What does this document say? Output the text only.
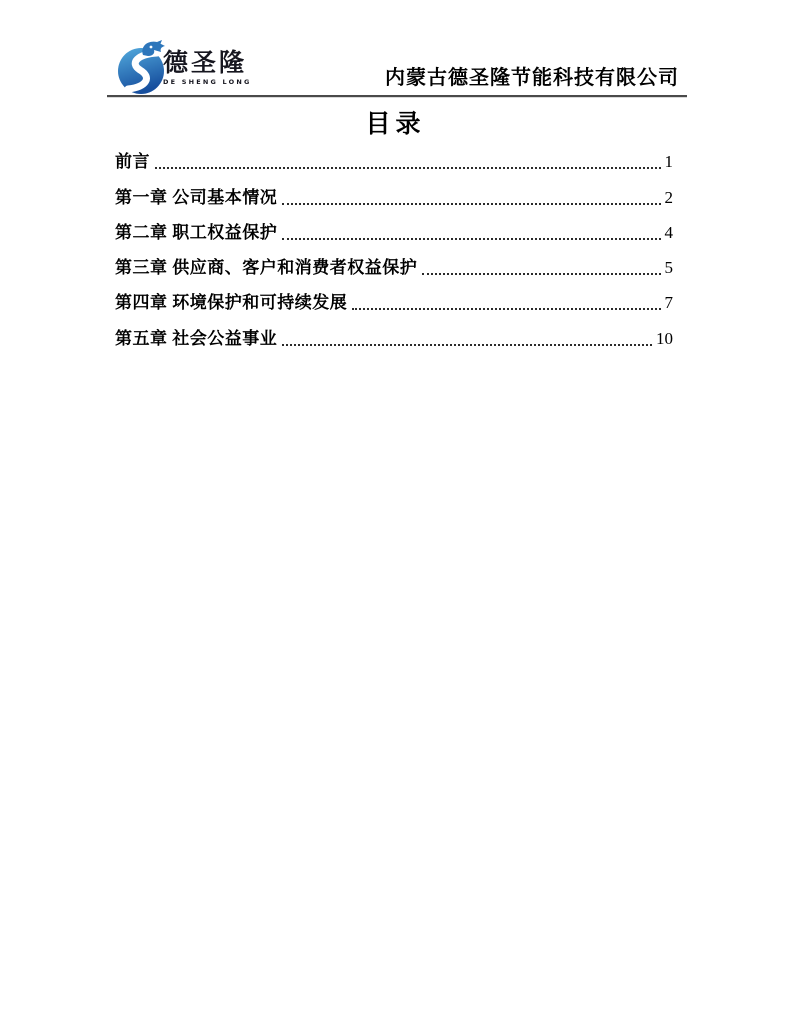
德圣隆
DE SHENG LONG	内蒙古德圣隆节能科技有限公司
目录
前言	1
第一章 公司基本情况	2
第二章 职工权益保护	4
第三章 供应商、客户和消费者权益保护	5
第四章 环境保护和可持续发展	7
第五章 社会公益事业	10
